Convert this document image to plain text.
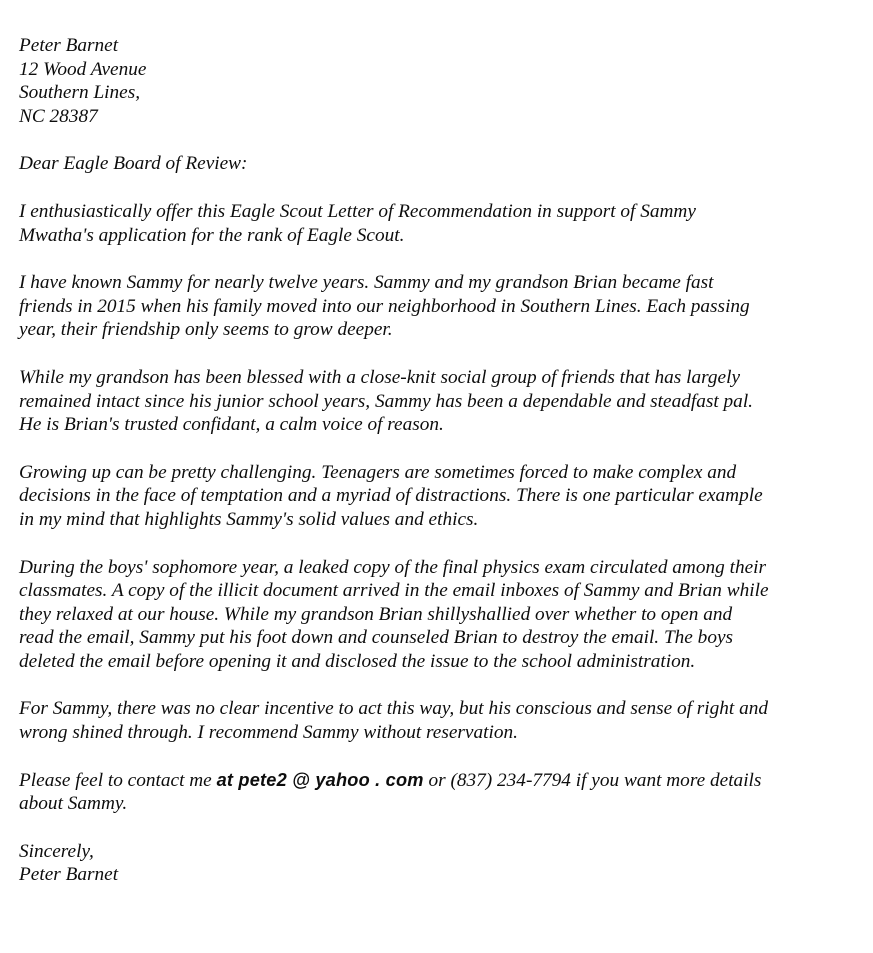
Peter Barnet
12 Wood Avenue
Southern Lines,
NC 28387
Dear Eagle Board of Review:
I enthusiastically offer this Eagle Scout Letter of Recommendation in support of Sammy
Mwatha's application for the rank of Eagle Scout.
I have known Sammy for nearly twelve years. Sammy and my grandson Brian became fast
friends in 2015 when his family moved into our neighborhood in Southern Lines. Each passing
year, their friendship only seems to grow deeper.
While my grandson has been blessed with a close-knit social group of friends that has largely
remained intact since his junior school years, Sammy has been a dependable and steadfast pal.
He is Brian's trusted confidant, a calm voice of reason.
Growing up can be pretty challenging. Teenagers are sometimes forced to make complex and
decisions in the face of temptation and a myriad of distractions. There is one particular example
in my mind that highlights Sammy's solid values and ethics.
During the boys' sophomore year, a leaked copy of the final physics exam circulated among their
classmates. A copy of the illicit document arrived in the email inboxes of Sammy and Brian while
they relaxed at our house. While my grandson Brian shillyshallied over whether to open and
read the email, Sammy put his foot down and counseled Brian to destroy the email. The boys
deleted the email before opening it and disclosed the issue to the school administration.
For Sammy, there was no clear incentive to act this way, but his conscious and sense of right and
wrong shined through. I recommend Sammy without reservation.
Please feel to contact me at pete2 @ yahoo . com or (837) 234-7794 if you want more details
about Sammy.
Sincerely,
Peter Barnet
